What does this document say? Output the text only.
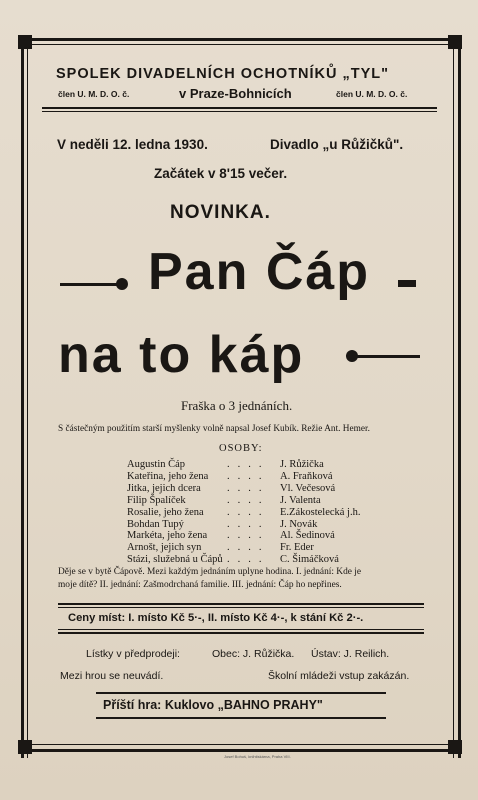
SPOLEK DIVADELNÍCH OCHOTNÍKŮ „TYL"
člen U. M. D. O. č.	v Praze-Bohnicích	člen U. M. D. O. č.
V neděli 12. ledna 1930.	Divadlo „u Růžičků".
Začátek v 8'15 večer.
NOVINKA.
Pan Čáp
na to káp
Fraška o 3 jednáních.
S částečným použitím starší myšlenky volně napsal Josef Kubík. Režie Ant. Hemer.
OSOBY:
Augustin Čáp	.... J. Růžička
Kateřina, jeho žena .... A. Fraňková
Jitka, jejich dcera .... Vl. Večesová
Filip Špalíček	.... J. Valenta
Rosalie, jeho žena .... E.Zákostelecká j.h.
Bohdan Tupý	.... J. Novák
Markéta, jeho žena .... Al. Šedinová
Arnošt, jejich syn .... Fr. Eder
Stázi, služebná u Čápů .... C. Šimáčková
Děje se v bytě Čápově. Mezi každým jednáním uplyne hodina. I. jednání: Kde je
moje dítě? II. jednání: Zašmodrchaná familie. III. jednání: Čáp ho nepřines.
Ceny míst: I. místo Kč 5·-, II. místo Kč 4·-, k stání Kč 2·-.
Lístky v předprodeji:	Obec: J. Růžička. Ústav: J. Reilich.
Mezi hrou se neuvádí.	Školní mládeži vstup zakázán.
Příští hra: Kuklovo „BAHNO PRAHY"
Josef Bohuš, knihtiskárna, Praha VIII.
